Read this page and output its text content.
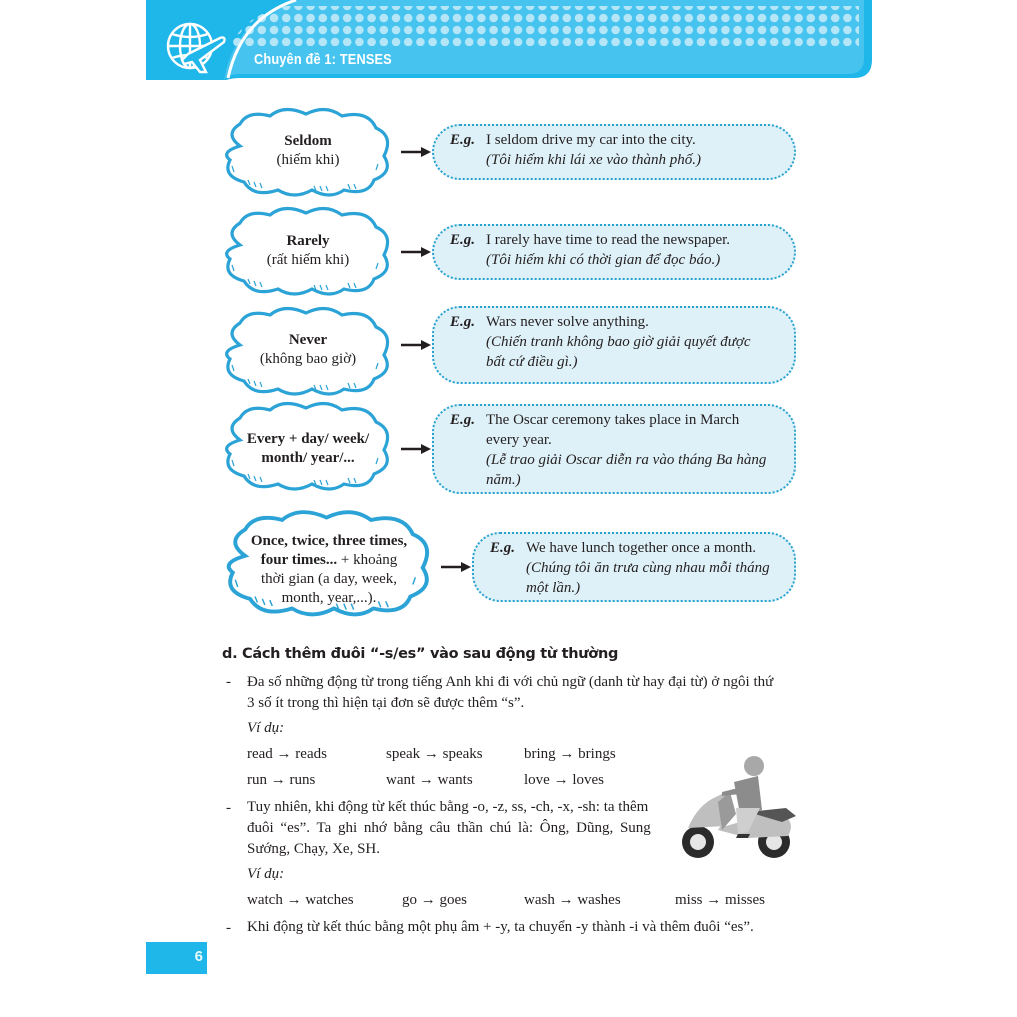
Chuyên đề 1: TENSES
Seldom
(hiếm khi)
E.g. I seldom drive my car into the city.
(Tôi hiếm khi lái xe vào thành phố.)
Rarely
(rất hiếm khi)
E.g. I rarely have time to read the newspaper.
(Tôi hiếm khi có thời gian để đọc báo.)
Never
(không bao giờ)
E.g. Wars never solve anything.
(Chiến tranh không bao giờ giải quyết được
bất cứ điều gì.)
Every + day/ week/
month/ year/...
E.g. The Oscar ceremony takes place in March
every year.
(Lễ trao giải Oscar diễn ra vào tháng Ba hàng
năm.)
Once, twice, three times,
four times... + khoảng
thời gian (a day, week,
month, year,...).
E.g. We have lunch together once a month.
(Chúng tôi ăn trưa cùng nhau mỗi tháng
một lần.)
d. Cách thêm đuôi “-s/es” vào sau động từ thường
- Đa số những động từ trong tiếng Anh khi đi với chủ ngữ (danh từ hay đại từ) ở ngôi thứ
3 số ít trong thì hiện tại đơn sẽ được thêm “s”.
Ví dụ:
read → reads	speak → speaks	bring → brings
run → runs	want → wants	love → loves
- Tuy nhiên, khi động từ kết thúc bằng -o, -z, ss, -ch, -x, -sh: ta thêm
đuôi “es”. Ta ghi nhớ bằng câu thần chú là: Ông, Dũng, Sung
Sướng, Chạy, Xe, SH.
Ví dụ:
watch → watches	go → goes	wash → washes	miss → misses
- Khi động từ kết thúc bằng một phụ âm + -y, ta chuyển -y thành -i và thêm đuôi “es”.
6
